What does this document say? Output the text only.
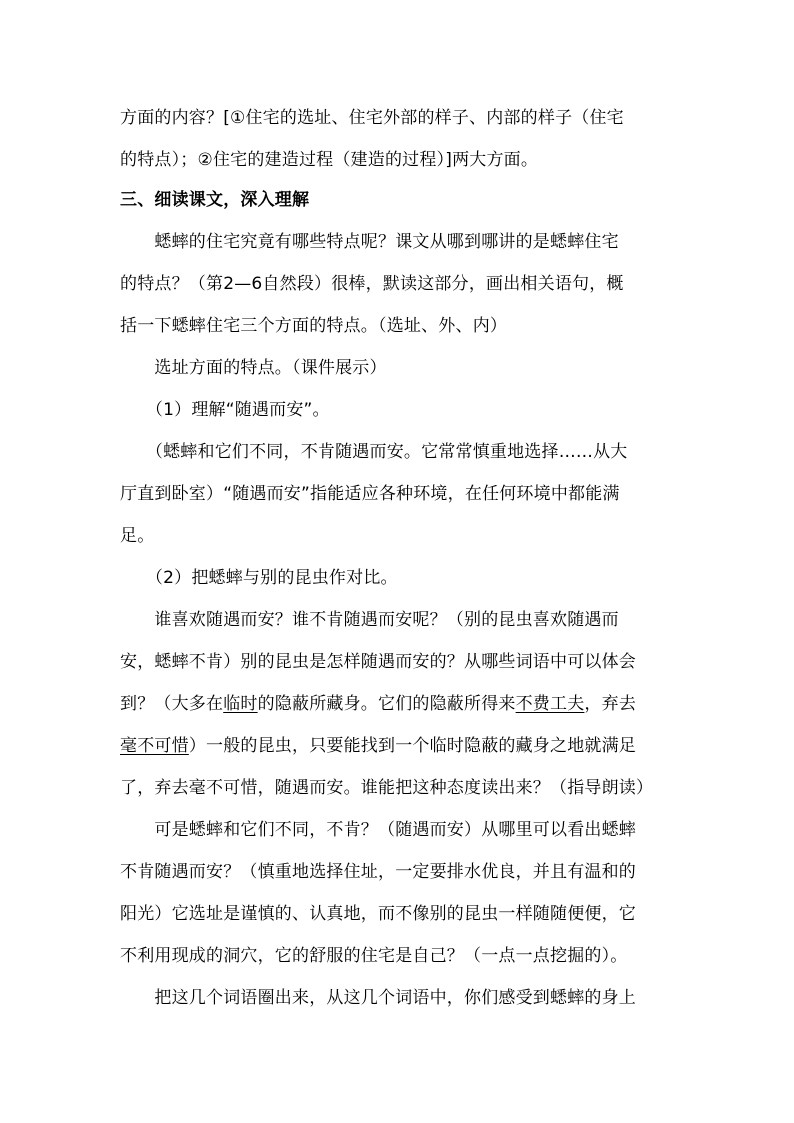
方面的内容？[①住宅的选址、住宅外部的样子、内部的样子（住宅
的特点）；②住宅的建造过程（建造的过程）]两大方面。
三、细读课文，深入理解
　　蟋蟀的住宅究竟有哪些特点呢？课文从哪到哪讲的是蟋蟀住宅
的特点？（第2—6自然段）很棒，默读这部分，画出相关语句，概
括一下蟋蟀住宅三个方面的特点。（选址、外、内）
　　选址方面的特点。（课件展示）
　　（1）理解“随遇而安”。
　　（蟋蟀和它们不同，不肯随遇而安。它常常慎重地选择……从大
厅直到卧室）“随遇而安”指能适应各种环境，在任何环境中都能满
足。
　　（2）把蟋蟀与别的昆虫作对比。
　　谁喜欢随遇而安？谁不肯随遇而安呢？（别的昆虫喜欢随遇而
安，蟋蟀不肯）别的昆虫是怎样随遇而安的？从哪些词语中可以体会
到？（大多在临时的隐蔽所藏身。它们的隐蔽所得来不费工夫，弃去
毫不可惜）一般的昆虫，只要能找到一个临时隐蔽的藏身之地就满足
了，弃去毫不可惜，随遇而安。谁能把这种态度读出来？（指导朗读）
　　可是蟋蟀和它们不同，不肯？（随遇而安）从哪里可以看出蟋蟀
不肯随遇而安？（慎重地选择住址，一定要排水优良，并且有温和的
阳光）它选址是谨慎的、认真地，而不像别的昆虫一样随随便便，它
不利用现成的洞穴，它的舒服的住宅是自己？（一点一点挖掘的）。
　　把这几个词语圈出来，从这几个词语中，你们感受到蟋蟀的身上
